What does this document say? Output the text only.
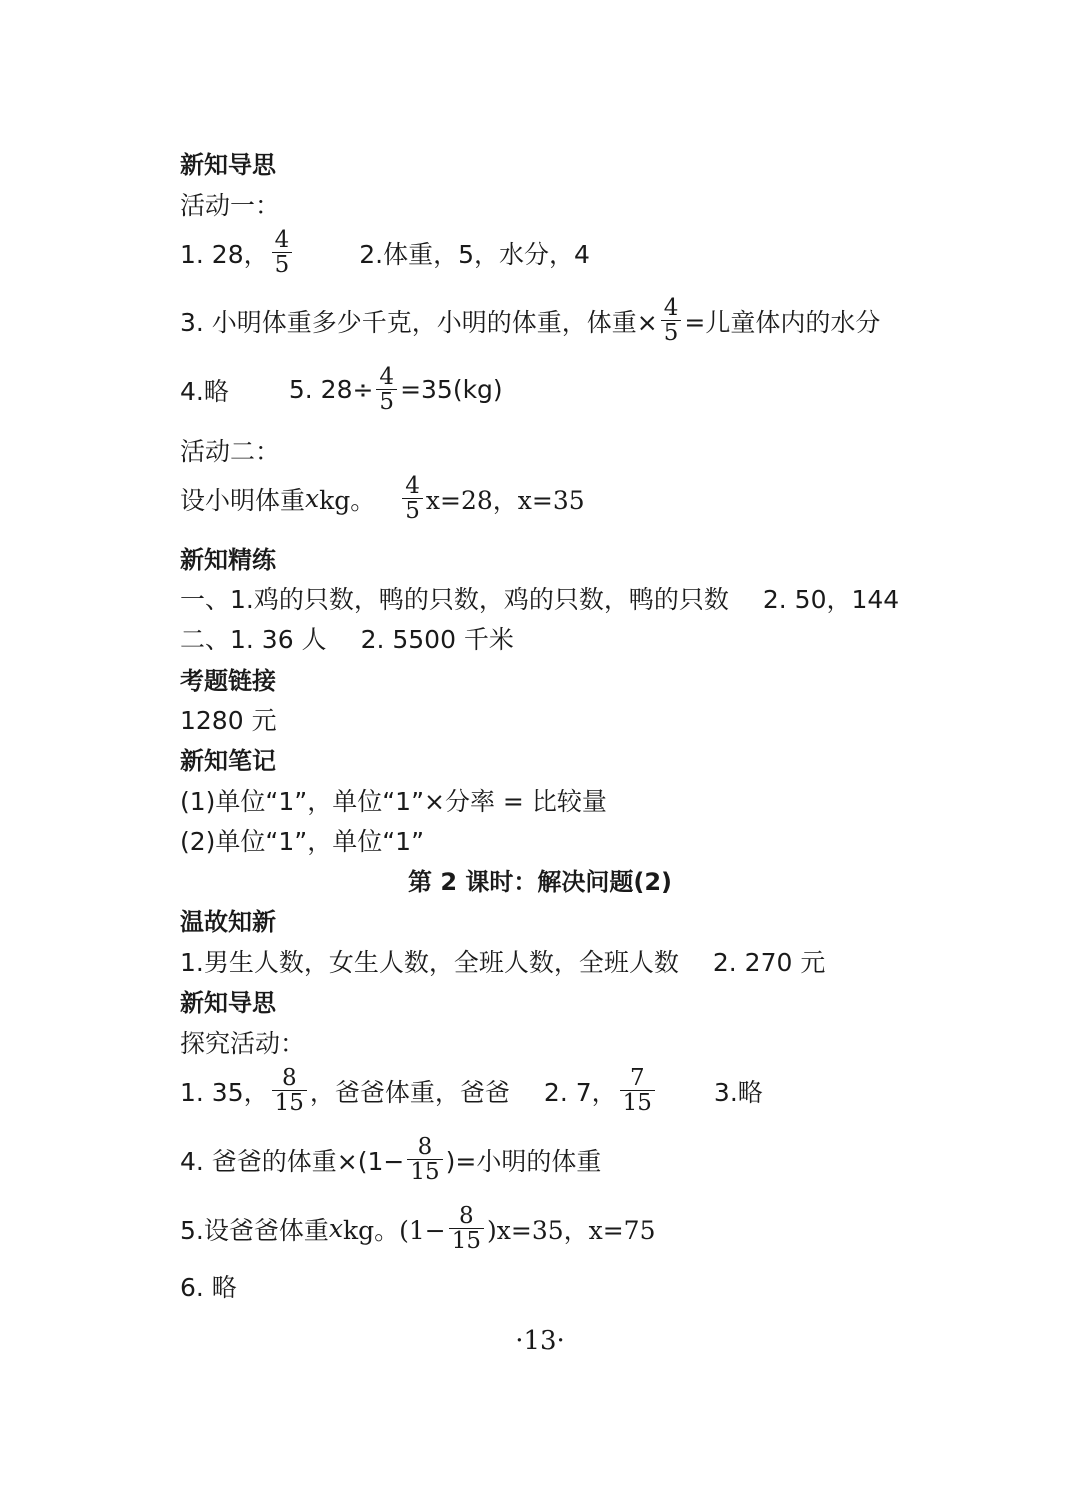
新知导思
活动一：
1. 28， $\frac{4}{5}$	2.体重，5，水分，4
3. 小明体重多少千克，小明的体重，体重× $\frac{4}{5}$ =儿童体内的水分
4.略 5. $28\div \frac{4}{5} =35(kg)$
活动二：
设小明体重 x kg。 $\frac{4}{5} x=28$，x=35
新知精练
一、1.鸡的只数，鸭的只数，鸡的只数，鸭的只数 2. 50，144
二、1. 36 人 2. 5500 千米
考题链接
1280 元
新知笔记
(1)单位“1”，单位“1”×分率 = 比较量
(2)单位“1”，单位“1”
第 2 课时：解决问题(2)
温故知新
1.男生人数，女生人数，全班人数，全班人数 2. 270 元
新知导思
探究活动：
1. 35， $\frac{8}{15}$ ，爸爸体重，爸爸 2. 7， $\frac{7}{15} 3$.略
4. 爸爸的体重$\times(1- \frac{8}{15}$ )=小明的体重
5.设爸爸体重 x kg。$(1- \frac{8}{15} )x=35$，x=75
6. 略
·13·
